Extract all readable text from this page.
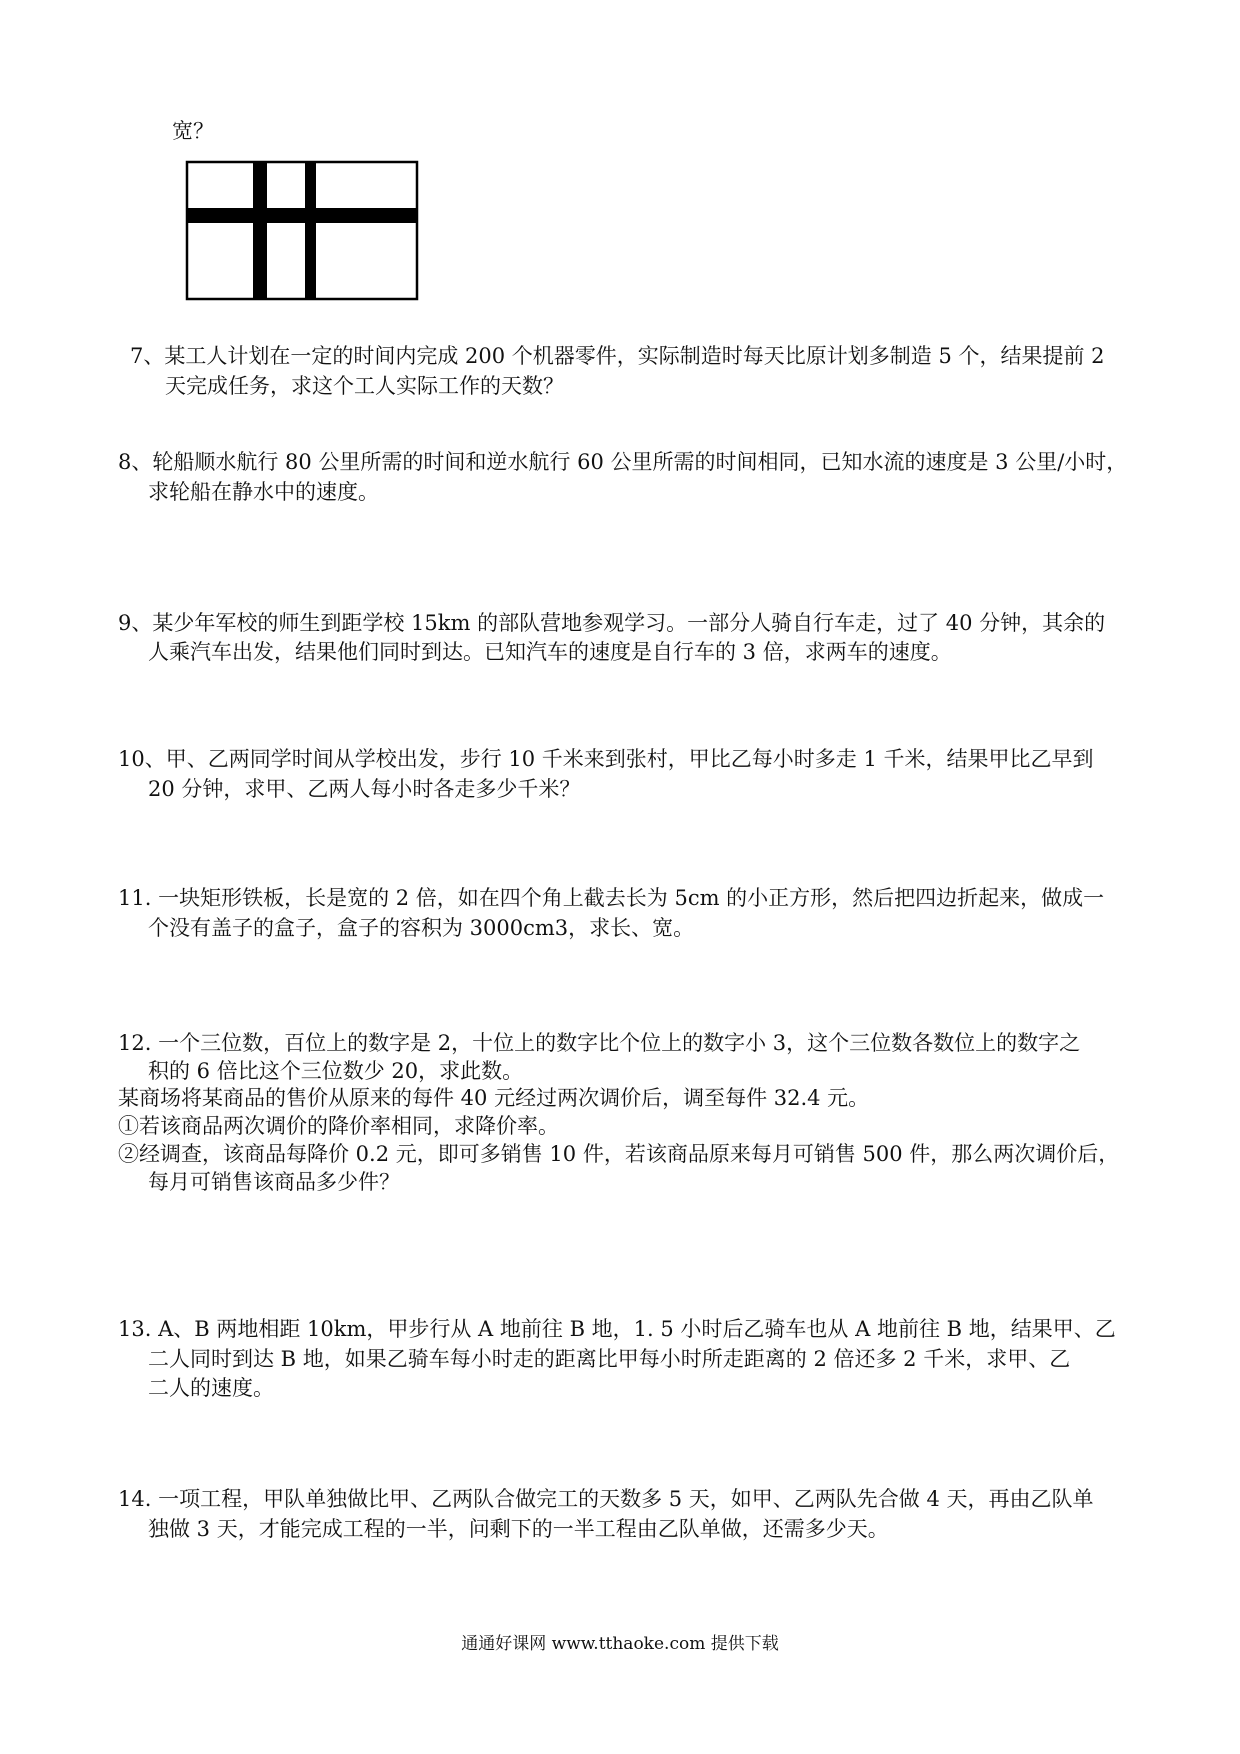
宽？
7、某工人计划在一定的时间内完成 200 个机器零件，实际制造时每天比原计划多制造 5 个，结果提前 2
天完成任务，求这个工人实际工作的天数？
8、轮船顺水航行 80 公里所需的时间和逆水航行 60 公里所需的时间相同，已知水流的速度是 3 公里/小时，
求轮船在静水中的速度。
9、某少年军校的师生到距学校 15km 的部队营地参观学习。一部分人骑自行车走，过了 40 分钟，其余的
人乘汽车出发，结果他们同时到达。已知汽车的速度是自行车的 3 倍，求两车的速度。
10、甲、乙两同学时间从学校出发，步行 10 千米来到张村，甲比乙每小时多走 1 千米，结果甲比乙早到
20 分钟，求甲、乙两人每小时各走多少千米？
11. 一块矩形铁板，长是宽的 2 倍，如在四个角上截去长为 5cm 的小正方形，然后把四边折起来，做成一
个没有盖子的盒子，盒子的容积为 3000cm3，求长、宽。
12. 一个三位数，百位上的数字是 2，十位上的数字比个位上的数字小 3，这个三位数各数位上的数字之
积的 6 倍比这个三位数少 20，求此数。
某商场将某商品的售价从原来的每件 40 元经过两次调价后，调至每件 32.4 元。
①若该商品两次调价的降价率相同，求降价率。
②经调查，该商品每降价 0.2 元，即可多销售 10 件，若该商品原来每月可销售 500 件，那么两次调价后，
每月可销售该商品多少件？
13. A、B 两地相距 10km，甲步行从 A 地前往 B 地，1. 5 小时后乙骑车也从 A 地前往 B 地，结果甲、乙
二人同时到达 B 地，如果乙骑车每小时走的距离比甲每小时所走距离的 2 倍还多 2 千米，求甲、乙
二人的速度。
14. 一项工程，甲队单独做比甲、乙两队合做完工的天数多 5 天，如甲、乙两队先合做 4 天，再由乙队单
独做 3 天，才能完成工程的一半，问剩下的一半工程由乙队单做，还需多少天。
通通好课网 www.tthaoke.com 提供下载
